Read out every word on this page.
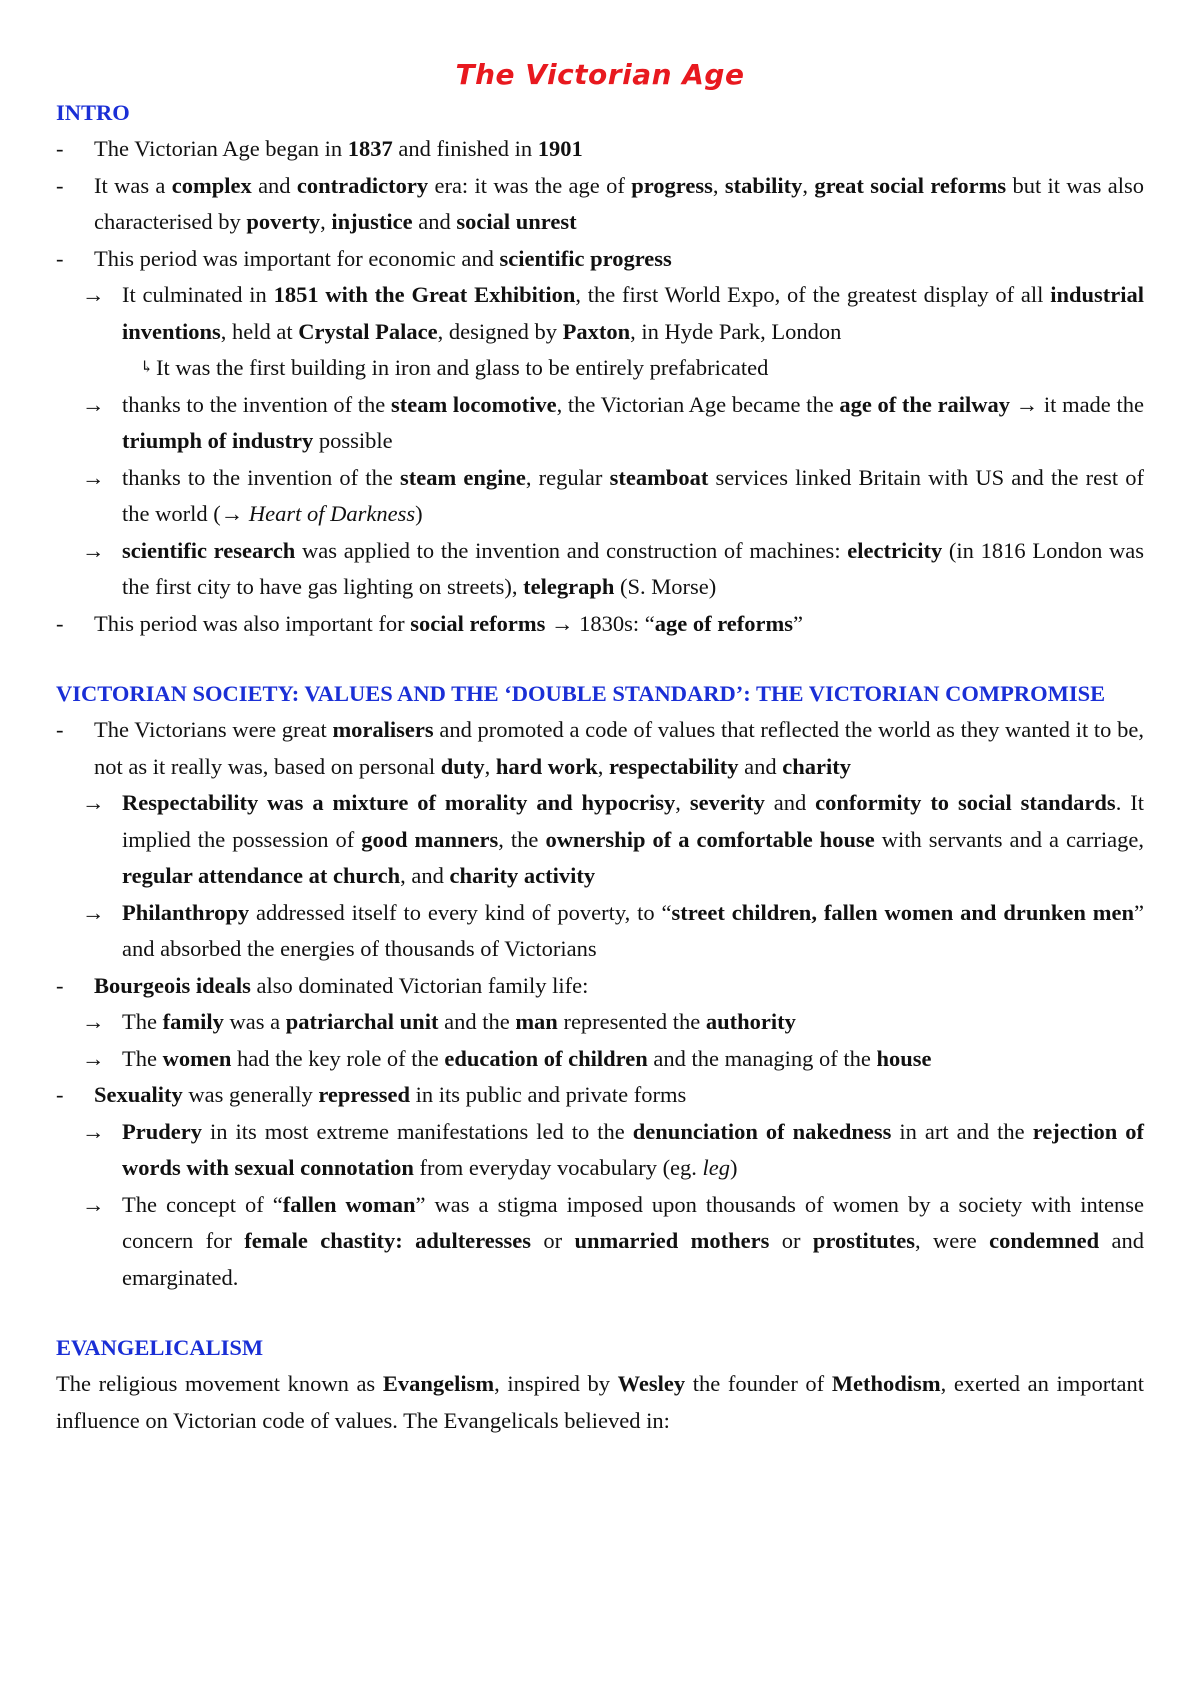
The Victorian Age
INTRO
- The Victorian Age began in 1837 and finished in 1901
- It was a complex and contradictory era: it was the age of progress, stability, great social reforms but it was also characterised by poverty, injustice and social unrest
- This period was important for economic and scientific progress
→ It culminated in 1851 with the Great Exhibition, the first World Expo, of the greatest display of all industrial inventions, held at Crystal Palace, designed by Paxton, in Hyde Park, London
↳ It was the first building in iron and glass to be entirely prefabricated
→ thanks to the invention of the steam locomotive, the Victorian Age became the age of the railway → it made the triumph of industry possible
→ thanks to the invention of the steam engine, regular steamboat services linked Britain with US and the rest of the world (→ Heart of Darkness)
→ scientific research was applied to the invention and construction of machines: electricity (in 1816 London was the first city to have gas lighting on streets), telegraph (S. Morse)
- This period was also important for social reforms → 1830s: “age of reforms”
VICTORIAN SOCIETY: VALUES AND THE ‘DOUBLE STANDARD’: THE VICTORIAN COMPROMISE
- The Victorians were great moralisers and promoted a code of values that reflected the world as they wanted it to be, not as it really was, based on personal duty, hard work, respectability and charity
→ Respectability was a mixture of morality and hypocrisy, severity and conformity to social standards. It implied the possession of good manners, the ownership of a comfortable house with servants and a carriage, regular attendance at church, and charity activity
→ Philanthropy addressed itself to every kind of poverty, to “street children, fallen women and drunken men” and absorbed the energies of thousands of Victorians
- Bourgeois ideals also dominated Victorian family life:
→ The family was a patriarchal unit and the man represented the authority
→ The women had the key role of the education of children and the managing of the house
- Sexuality was generally repressed in its public and private forms
→ Prudery in its most extreme manifestations led to the denunciation of nakedness in art and the rejection of words with sexual connotation from everyday vocabulary (eg. leg)
→ The concept of “fallen woman” was a stigma imposed upon thousands of women by a society with intense concern for female chastity: adulteresses or unmarried mothers or prostitutes, were condemned and emarginated.
EVANGELICALISM
The religious movement known as Evangelism, inspired by Wesley the founder of Methodism, exerted an important influence on Victorian code of values. The Evangelicals believed in:
